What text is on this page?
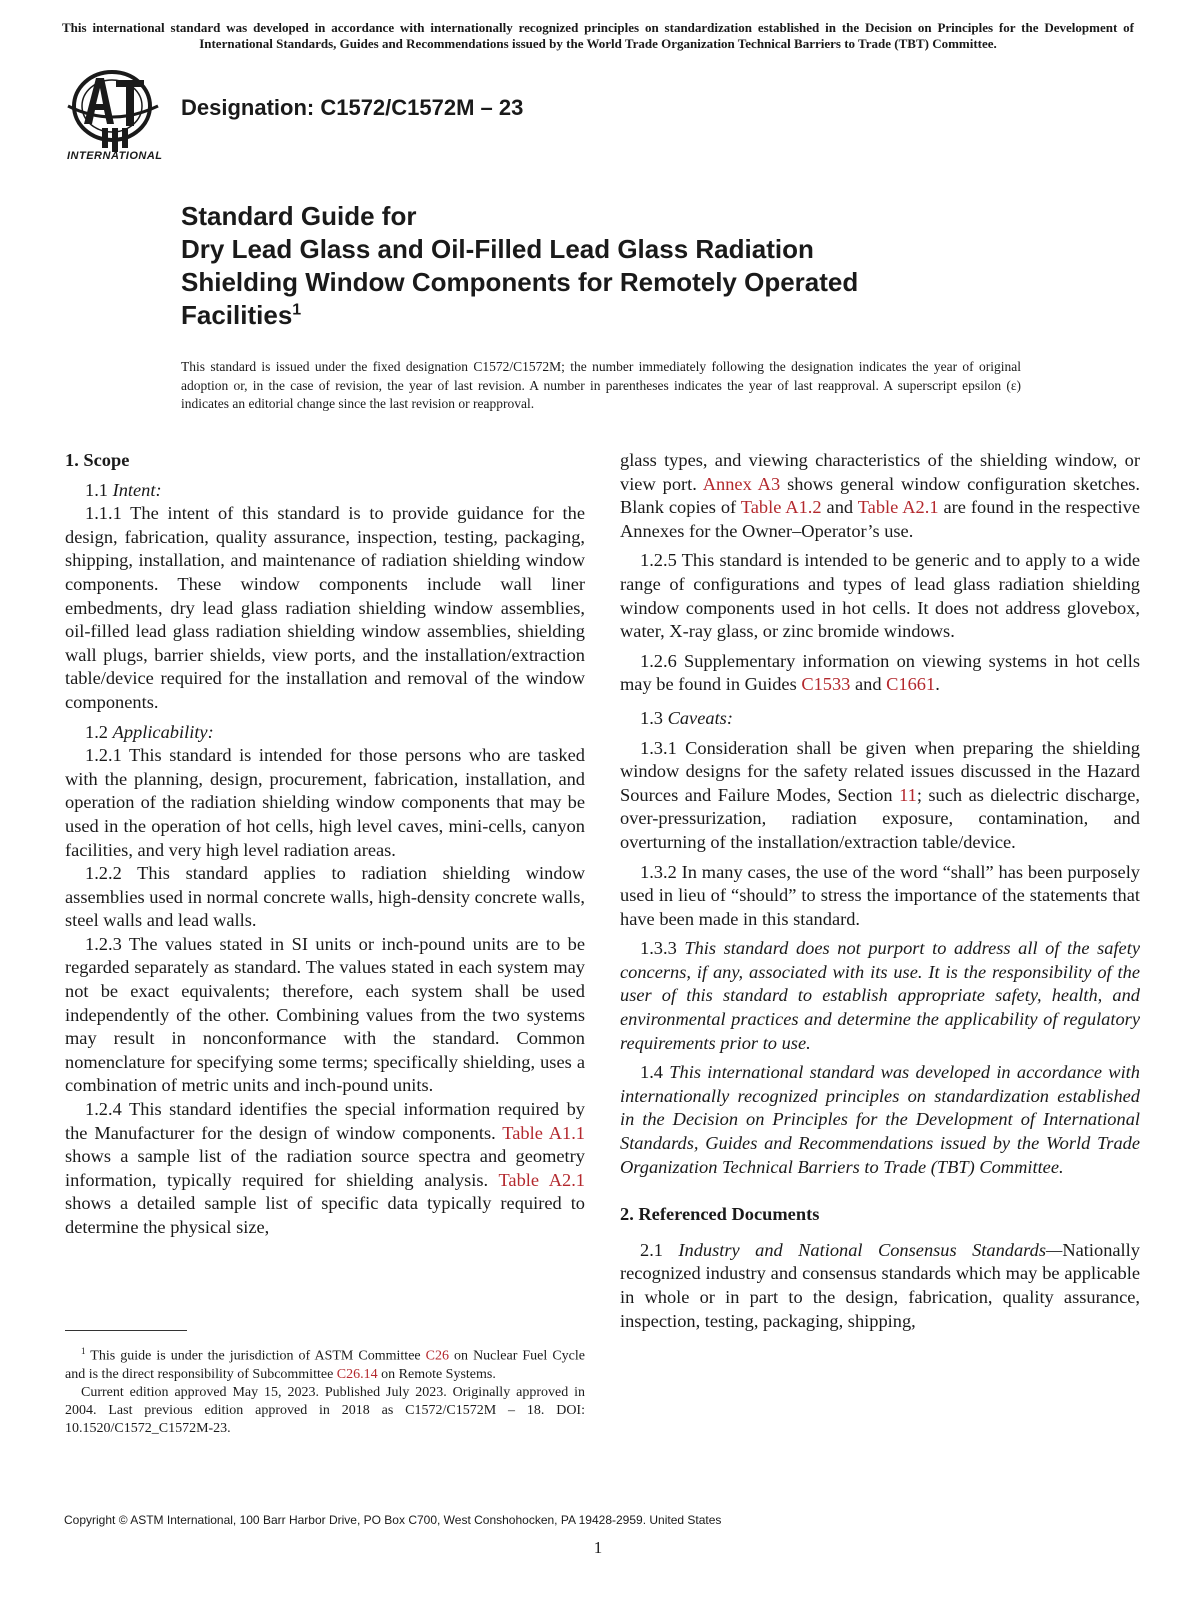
This international standard was developed in accordance with internationally recognized principles on standardization established in the Decision on Principles for the Development of International Standards, Guides and Recommendations issued by the World Trade Organization Technical Barriers to Trade (TBT) Committee.
INTERNATIONAL
Designation: C1572/C1572M – 23
Standard Guide for
Dry Lead Glass and Oil-Filled Lead Glass Radiation
Shielding Window Components for Remotely Operated
Facilities$^1$
This standard is issued under the fixed designation C1572/C1572M; the number immediately following the designation indicates the year of original adoption or, in the case of revision, the year of last revision. A number in parentheses indicates the year of last reapproval. A superscript epsilon (ε) indicates an editorial change since the last revision or reapproval.
1. Scope

1.1 Intent:

1.1.1 The intent of this standard is to provide guidance for the design, fabrication, quality assurance, inspection, testing, packaging, shipping, installation, and maintenance of radiation shielding window components. These window components include wall liner embedments, dry lead glass radiation shielding window assemblies, oil-filled lead glass radiation shielding window assemblies, shielding wall plugs, barrier shields, view ports, and the installation/extraction table/device required for the installation and removal of the window components.

1.2 Applicability:

1.2.1 This standard is intended for those persons who are tasked with the planning, design, procurement, fabrication, installation, and operation of the radiation shielding window components that may be used in the operation of hot cells, high level caves, mini-cells, canyon facilities, and very high level radiation areas.

1.2.2 This standard applies to radiation shielding window assemblies used in normal concrete walls, high-density concrete walls, steel walls and lead walls.

1.2.3 The values stated in SI units or inch-pound units are to be regarded separately as standard. The values stated in each system may not be exact equivalents; therefore, each system shall be used independently of the other. Combining values from the two systems may result in nonconformance with the standard. Common nomenclature for specifying some terms; specifically shielding, uses a combination of metric units and inch-pound units.

1.2.4 This standard identifies the special information required by the Manufacturer for the design of window components. Table A1.1 shows a sample list of the radiation source spectra and geometry information, typically required for shielding analysis. Table A2.1 shows a detailed sample list of specific data typically required to determine the physical size,

glass types, and viewing characteristics of the shielding window, or view port. Annex A3 shows general window configuration sketches. Blank copies of Table A1.2 and Table A2.1 are found in the respective Annexes for the Owner–Operator’s use.

1.2.5 This standard is intended to be generic and to apply to a wide range of configurations and types of lead glass radiation shielding window components used in hot cells. It does not address glovebox, water, X-ray glass, or zinc bromide windows.

1.2.6 Supplementary information on viewing systems in hot cells may be found in Guides C1533 and C1661.

1.3 Caveats:

1.3.1 Consideration shall be given when preparing the shielding window designs for the safety related issues discussed in the Hazard Sources and Failure Modes, Section 11; such as dielectric discharge, over-pressurization, radiation exposure, contamination, and overturning of the installation/extraction table/device.

1.3.2 In many cases, the use of the word “shall” has been purposely used in lieu of “should” to stress the importance of the statements that have been made in this standard.

1.3.3 This standard does not purport to address all of the safety concerns, if any, associated with its use. It is the responsibility of the user of this standard to establish appropriate safety, health, and environmental practices and determine the applicability of regulatory requirements prior to use.

1.4 This international standard was developed in accordance with internationally recognized principles on standardization established in the Decision on Principles for the Development of International Standards, Guides and Recommendations issued by the World Trade Organization Technical Barriers to Trade (TBT) Committee.

2. Referenced Documents

2.1 Industry and National Consensus Standards—Nationally recognized industry and consensus standards which may be applicable in whole or in part to the design, fabrication, quality assurance, inspection, testing, packaging, shipping,

$^1$ This guide is under the jurisdiction of ASTM Committee C26 on Nuclear Fuel Cycle and is the direct responsibility of Subcommittee C26.14 on Remote Systems.

Current edition approved May 15, 2023. Published July 2023. Originally approved in 2004. Last previous edition approved in 2018 as C1572/C1572M – 18. DOI: 10.1520/C1572_C1572M-23.

Copyright © ASTM International, 100 Barr Harbor Drive, PO Box C700, West Conshohocken, PA 19428-2959. United States
1
